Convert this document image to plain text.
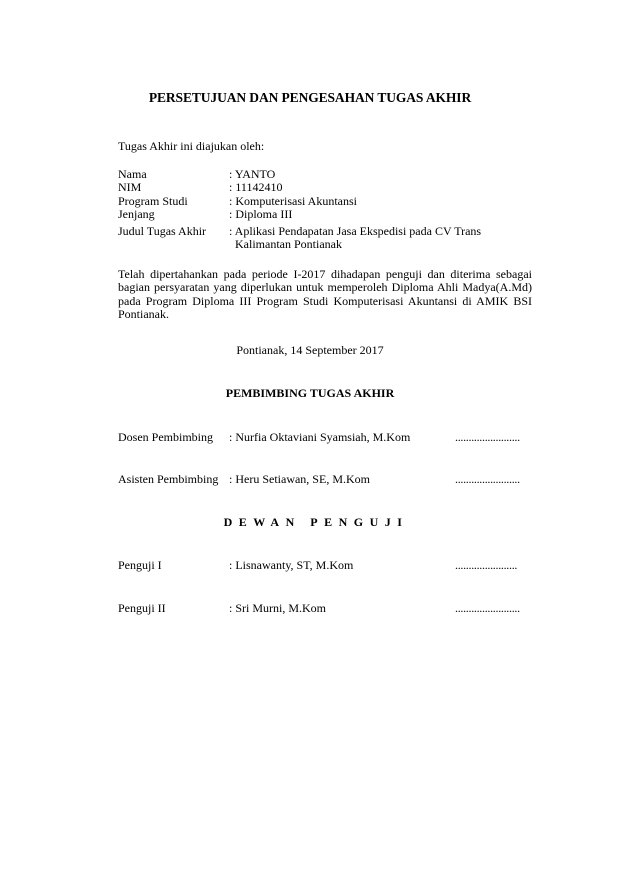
PERSETUJUAN DAN PENGESAHAN TUGAS AKHIR
Tugas Akhir ini diajukan oleh:
Nama	: YANTO
NIM	: 11142410
Program Studi	: Komputerisasi Akuntansi
Jenjang	: Diploma III
Judul Tugas Akhir : Aplikasi Pendapatan Jasa Ekspedisi pada CV Trans
Kalimantan Pontianak
Telah dipertahankan pada periode I-2017 dihadapan penguji dan diterima sebagai bagian persyaratan yang diperlukan untuk memperoleh Diploma Ahli Madya(A.Md) pada Program Diploma III Program Studi Komputerisasi Akuntansi di AMIK BSI Pontianak.
Pontianak, 14 September 2017
PEMBIMBING TUGAS AKHIR
Dosen Pembimbing : Nurfia Oktaviani Syamsiah, M.Kom	........................
Asisten Pembimbing : Heru Setiawan, SE, M.Kom	........................
DEWAN PENGUJI
Penguji I	: Lisnawanty, ST, M.Kom	.......................
Penguji II	: Sri Murni, M.Kom	........................
